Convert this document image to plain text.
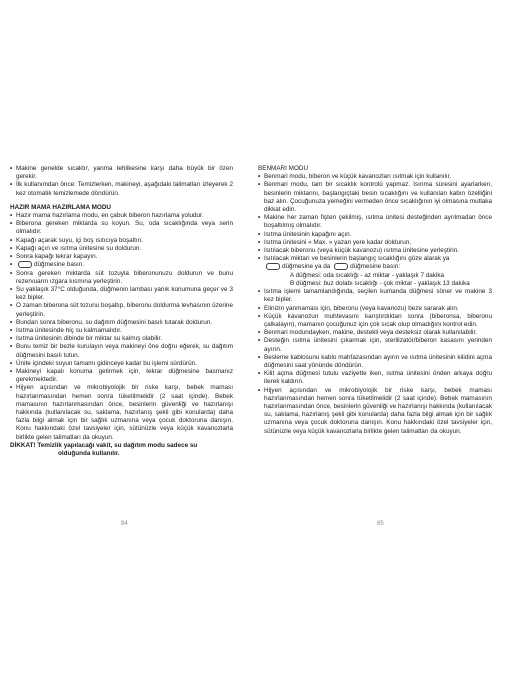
• Makine genelde sıcaktır, yanma tehlikesine karşı daha büyük bir özen gerekir.
• İlk kullanımdan önce: Temizlerken, makineyi, aşağıdaki talimatları izleyerek 2 kez otomatik temizlemede döndürün.

HAZIR MAMA HAZIRLAMA MODU

• Hazır mama hazırlama modu, en çabuk biberon hazırlama yoludur.
• Biberona gereken miktarda su koyun. Su, oda sıcaklığında veya serin olmalıdır.
• Kapağı açarak suyu, içi boş ısıtıcıya boşaltın.
• Kapağı açın ve ısıtma ünitesine su doldurun.
• Sonra kapağı tekrar kapayın.
•	düğmesine basın.
• Sonra gereken miktarda süt tozuyla biberonunuzu doldurun ve bunu rezervuarın ızgara kısmına yerleştirin.
• Su yaklaşık 37°C olduğunda, düğmenin lambası yanık konumuna geçer ve 3 kez bipler.
• O zaman biberona süt tozunu boşaltıp, biberonu doldurma levhasının üzerine yerleştirin.
• Bundan sonra biberonu, su dağıtım düğmesini basılı tutarak doldurun.
• Isıtma ünitesinde hiç su kalmamalıdır.
• Isıtma ünitesinin dibinde bir miktar su kalmış olabilir.
• Bunu temiz bir bezle kurulayın veya makineyi öne doğru eğerek, su dağıtım düğmesini basılı tutun.
• Ünite içindeki suyun tamamı gidinceye kadar bu işlemi sürdürün.
• Makineyi kapalı konuma getirmek için, tekrar düğmesine basmanız gerekmektedir.
• Hijyen açısından ve mikrobiyolojik bir riske karşı, bebek maması hazırlanmasından hemen sonra tüketilmelidir (2 saat içinde). Bebek mamasının hazırlanmasından önce, besinlerin güvenliği ve hazırlanışı hakkında (kullanılacak su, saklama, hazırlanış şekli gibi konularda) daha fazla bilgi almak için bir sağlık uzmanına veya çocuk doktoruna danışın. Konu hakkındaki özel tavsiyeler için, sütünüzle veya küçük kavanozlarla birlikte gelen talimatları da okuyun.
DİKKAT! Temizlik yapılacağı vakit, su dağıtım modu sadece su
olduğunda kullanılır.

BENMARI MODU

• Benmari modu, biberon ve küçük kavanozları ısıtmak için kullanılır.
• Benmari modu, tam bir sıcaklık kontrolü yapmaz. Isınma süresini ayarlarken, besinlerin miktarını, başlangıçtaki besin sıcaklığını ve kullanılan kabın özelliğini baz alın. Çocuğunuza yemeğini vermeden önce sıcaklığının iyi olmasına mutlaka dikkat edin.
• Makine her zaman fişten çekilmiş, ısıtma ünitesi desteğinden ayrılmadan önce boşaltılmış olmalıdır.
• Isıtma ünitesinin kapağını açın.
• Isıtma ünitesini « Max. » yazan yere kadar doldurun.
• Isıtılacak biberonu (veya küçük kavanozu) ısıtma ünitesine yerleştirin.
• Isıtılacak miktarı ve besinlerin başlangıç sıcaklığını göze alarak ya
düğmesine ya da	düğmesine basın:
A düğmesi: oda sıcaklığı - az miktar - yaklaşık 7 dakika
B düğmesi: buz dolabı sıcaklığı - çok miktar - yaklaşık 13 dakika
• Isıtma işlemi tamamlandığında, seçilen kumanda düğmesi söner ve makine 3 kez bipler.
• Elinizin yanmaması için, biberonu (veya kavanozu) beze sararak alın.
• Küçük kavanozun muhtevasını karıştırdıktan sonra (biberonsa, biberonu çalkalayın), mamanın çocuğunuz için çok sıcak olup olmadığını kontrol edin.
• Benmari modundayken, makine, destekli veya desteksiz olarak kullanılabilir.
• Desteğin ısıtma ünitesini çıkarmak için, sterilizatör/biberon kasasını yerinden ayırın.
• Besleme kablosunu kablo mahfazasından ayırın ve ısıtma ünitesinin kilidini açma düğmesini saat yönünde döndürün.
• Kilit açma düğmesi tutulu vaziyette iken, ısıtma ünitesini önden arkaya doğru iterek kaldırın.
• Hijyen açısından ve mikrobiyolojik bir riske karşı, bebek maması hazırlanmasından hemen sonra tüketilmelidir (2 saat içinde). Bebek mamasının hazırlanmasından önce, besinlerin güvenliği ve hazırlanışı hakkında (kullanılacak su, saklama, hazırlanış şekli gibi konularda) daha fazla bilgi almak için bir sağlık uzmanına veya çocuk doktoruna danışın. Konu hakkındaki özel tavsiyeler için, sütünüzle veya küçük kavanozlarla birlikte gelen talimatları da okuyun.
84	85
